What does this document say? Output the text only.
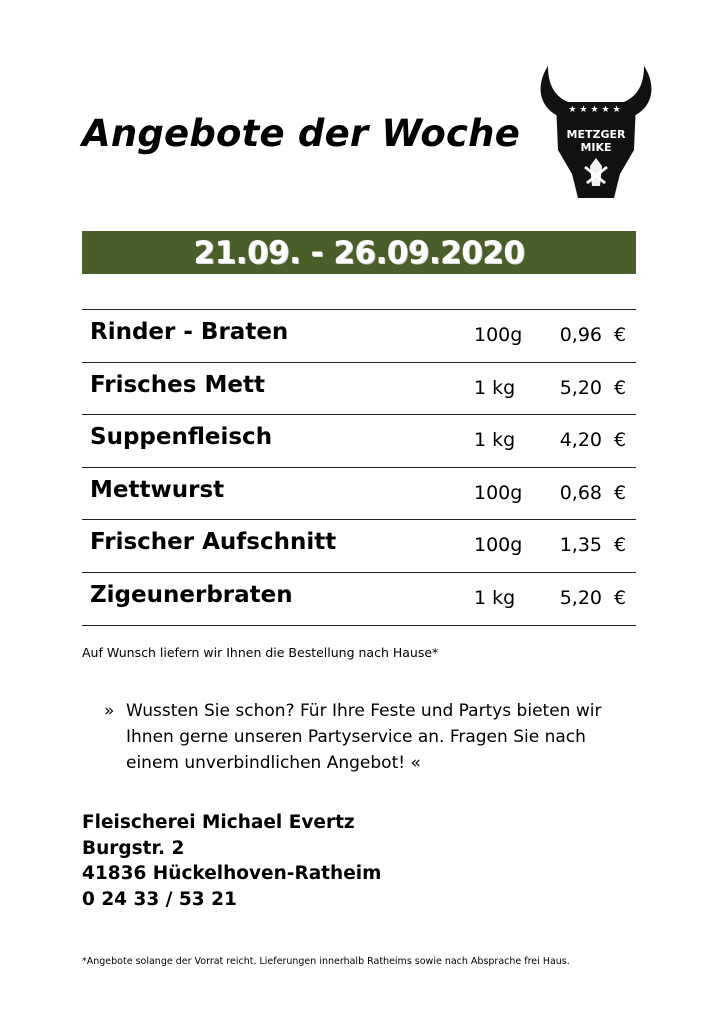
Angebote der Woche
★★★★★
METZGER
MIKE
21.09. - 26.09.2020
Rinder - Braten	100g 0,96 €
Frisches Mett	1 kg 5,20 €
Suppenfleisch	1 kg 4,20 €
Mettwurst	100g 0,68 €
Frischer Aufschnitt	100g 1,35 €
Zigeunerbraten	1 kg 5,20 €
Auf Wunsch liefern wir Ihnen die Bestellung nach Hause*
» Wussten Sie schon? Für Ihre Feste und Partys bieten wir Ihnen gerne unseren Partyservice an. Fragen Sie nach einem unverbindlichen Angebot! «
Fleischerei Michael Evertz
Burgstr. 2
41836 Hückelhoven-Ratheim
0 24 33 / 53 21
*Angebote solange der Vorrat reicht. Lieferungen innerhalb Ratheims sowie nach Absprache frei Haus.
